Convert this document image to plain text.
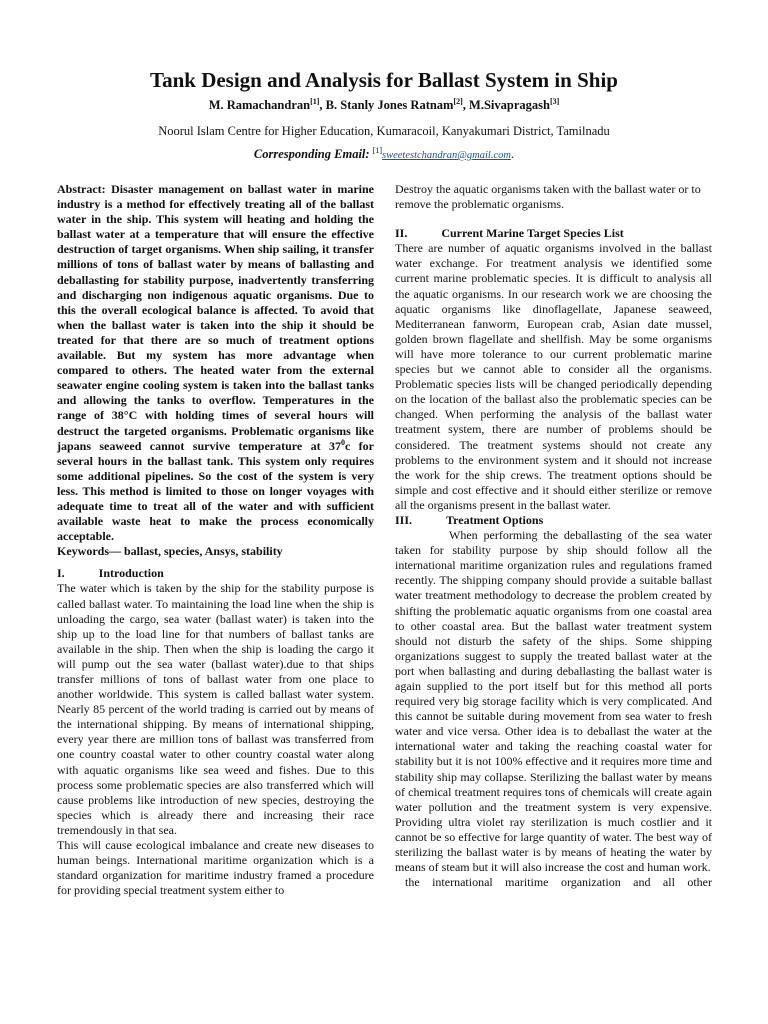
Tank Design and Analysis for Ballast System in Ship
M. Ramachandran[1], B. Stanly Jones Ratnam[2], M.Sivapragash[3]
Noorul Islam Centre for Higher Education, Kumaracoil, Kanyakumari District, Tamilnadu
Corresponding Email: [1]sweetestchandran@gmail.com.

Abstract: Disaster management on ballast water in marine industry is a method for effectively treating all of the ballast water in the ship. This system will heating and holding the ballast water at a temperature that will ensure the effective destruction of target organisms. When ship sailing, it transfer millions of tons of ballast water by means of ballasting and deballasting for stability purpose, inadvertently transferring and discharging non indigenous aquatic organisms. Due to this the overall ecological balance is affected. To avoid that when the ballast water is taken into the ship it should be treated for that there are so much of treatment options available. But my system has more advantage when compared to others. The heated water from the external seawater engine cooling system is taken into the ballast tanks and allowing the tanks to overflow. Temperatures in the range of 38°C with holding times of several hours will destruct the targeted organisms. Problematic organisms like japans seaweed cannot survive temperature at $37^0c$ for several hours in the ballast tank. This system only requires some additional pipelines. So the cost of the system is very less. This method is limited to those on longer voyages with adequate time to treat all of the water and with sufficient available waste heat to make the process economically acceptable.

Keywords— ballast, species, Ansys, stability

I.	Introduction

The water which is taken by the ship for the stability purpose is called ballast water. To maintaining the load line when the ship is unloading the cargo, sea water (ballast water) is taken into the ship up to the load line for that numbers of ballast tanks are available in the ship. Then when the ship is loading the cargo it will pump out the sea water (ballast water).due to that ships transfer millions of tons of ballast water from one place to another worldwide. This system is called ballast water system. Nearly 85 percent of the world trading is carried out by means of the international shipping. By means of international shipping, every year there are million tons of ballast was transferred from one country coastal water to other country coastal water along with aquatic organisms like sea weed and fishes. Due to this process some problematic species are also transferred which will cause problems like introduction of new species, destroying the species which is already there and increasing their race tremendously in that sea.

This will cause ecological imbalance and create new diseases to human beings. International maritime organization which is a standard organization for maritime industry framed a procedure for providing special treatment system either to

Destroy the aquatic organisms taken with the ballast water or to remove the problematic organisms.

II.	Current Marine Target Species List

There are number of aquatic organisms involved in the ballast water exchange. For treatment analysis we identified some current marine problematic species. It is difficult to analysis all the aquatic organisms. In our research work we are choosing the aquatic organisms like dinoflagellate, Japanese seaweed, Mediterranean fanworm, European crab, Asian date mussel, golden brown flagellate and shellfish. May be some organisms will have more tolerance to our current problematic marine species but we cannot able to consider all the organisms. Problematic species lists will be changed periodically depending on the location of the ballast also the problematic species can be changed. When performing the analysis of the ballast water treatment system, there are number of problems should be considered. The treatment systems should not create any problems to the environment system and it should not increase the work for the ship crews. The treatment options should be simple and cost effective and it should either sterilize or remove all the organisms present in the ballast water.

III.	Treatment Options

When performing the deballasting of the sea water taken for stability purpose by ship should follow all the international maritime organization rules and regulations framed recently. The shipping company should provide a suitable ballast water treatment methodology to decrease the problem created by shifting the problematic aquatic organisms from one coastal area to other coastal area. But the ballast water treatment system should not disturb the safety of the ships. Some shipping organizations suggest to supply the treated ballast water at the port when ballasting and during deballasting the ballast water is again supplied to the port itself but for this method all ports required very big storage facility which is very complicated. And this cannot be suitable during movement from sea water to fresh water and vice versa. Other idea is to deballast the water at the international water and taking the reaching coastal water for stability but it is not 100% effective and it requires more time and stability ship may collapse. Sterilizing the ballast water by means of chemical treatment requires tons of chemicals will create again water pollution and the treatment system is very expensive. Providing ultra violet ray sterilization is much costlier and it cannot be so effective for large quantity of water. The best way of sterilizing the ballast water is by means of heating the water by means of steam but it will also increase the cost and human work.

the international maritime organization and all other
